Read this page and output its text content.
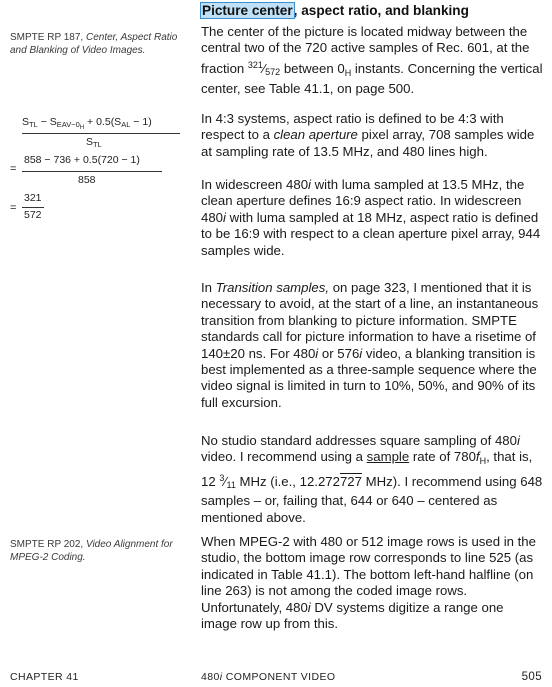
SMPTE RP 187, Center, Aspect Ratio and Blanking of Video Images.
STL − $SEAV-0_H + 0.5(SAL - 1)$
STL
=
858 − 736 + 0.5(720 − 1)
858
=
321
572
SMPTE RP 202, Video Alignment for MPEG-2 Coding.
Picture center, aspect ratio, and blanking

The center of the picture is located midway between the central two of the 720 active samples of Rec. 601, at the fraction $^{321}$⁄572 between $0_H$ instants. Concerning the vertical center, see Table 41.1, on page 500.

In 4:3 systems, aspect ratio is defined to be 4:3 with respect to a clean aperture pixel array, 708 samples wide at sampling rate of 13.5 MHz, and 480 lines high.

In widescreen 480i with luma sampled at 13.5 MHz, the clean aperture defines 16:9 aspect ratio. In widescreen 480i with luma sampled at 18 MHz, aspect ratio is defined to be 16:9 with respect to a clean aperture pixel array, 944 samples wide.

In Transition samples, on page 323, I mentioned that it is necessary to avoid, at the start of a line, an instantaneous transition from blanking to picture information. SMPTE standards call for picture information to have a risetime of 140±20 ns. For 480i or 576i video, a blanking transition is best implemented as a three-sample sequence where the video signal is limited in turn to 10%, 50%, and 90% of its full excursion.

No studio standard addresses square sampling of 480i video. I recommend using a sample rate of $780f_H$, that is, 12 $^3$⁄11 MHz (i.e., 12.272727 MHz). I recommend using 648 samples – or, failing that, 644 or 640 – centered as mentioned above.

When MPEG-2 with 480 or 512 image rows is used in the studio, the bottom image row corresponds to line 525 (as indicated in Table 41.1). The bottom left-hand halfline (on line 263) is not among the coded image rows. Unfortunately, 480i DV systems digitize a range one image row up from this.

CHAPTER 41	480i COMPONENT VIDEO	505
